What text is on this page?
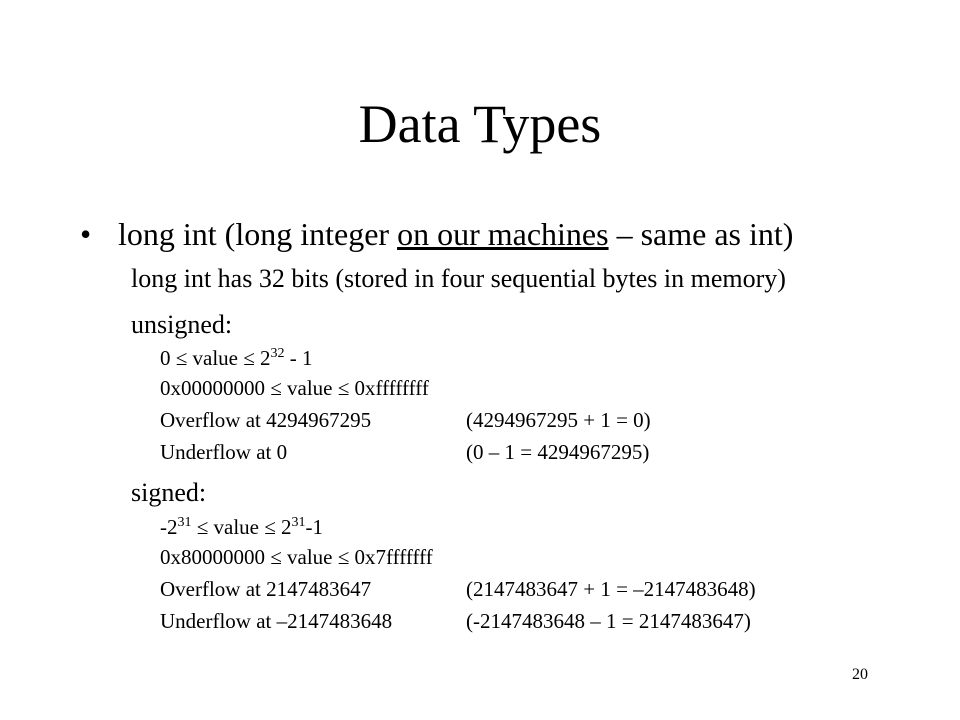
Data Types
• long int (long integer on our machines – same as int)
long int has 32 bits (stored in four sequential bytes in memory)
unsigned:
0 ≤ value ≤ $2^{32} - 1$
0x00000000 ≤ value ≤ 0xffffffff
Overflow at 4294967295	(4294967295 + 1 = 0)
Underflow at 0	(0 – 1 = 4294967295)
signed:
$-2^{31}$ ≤ value ≤ $2^{31}-1$
0x80000000 ≤ value ≤ 0x7fffffff
Overflow at 2147483647	(2147483647 + 1 = –2147483648)
Underflow at –2147483648	(-2147483648 – 1 = 2147483647)
20
